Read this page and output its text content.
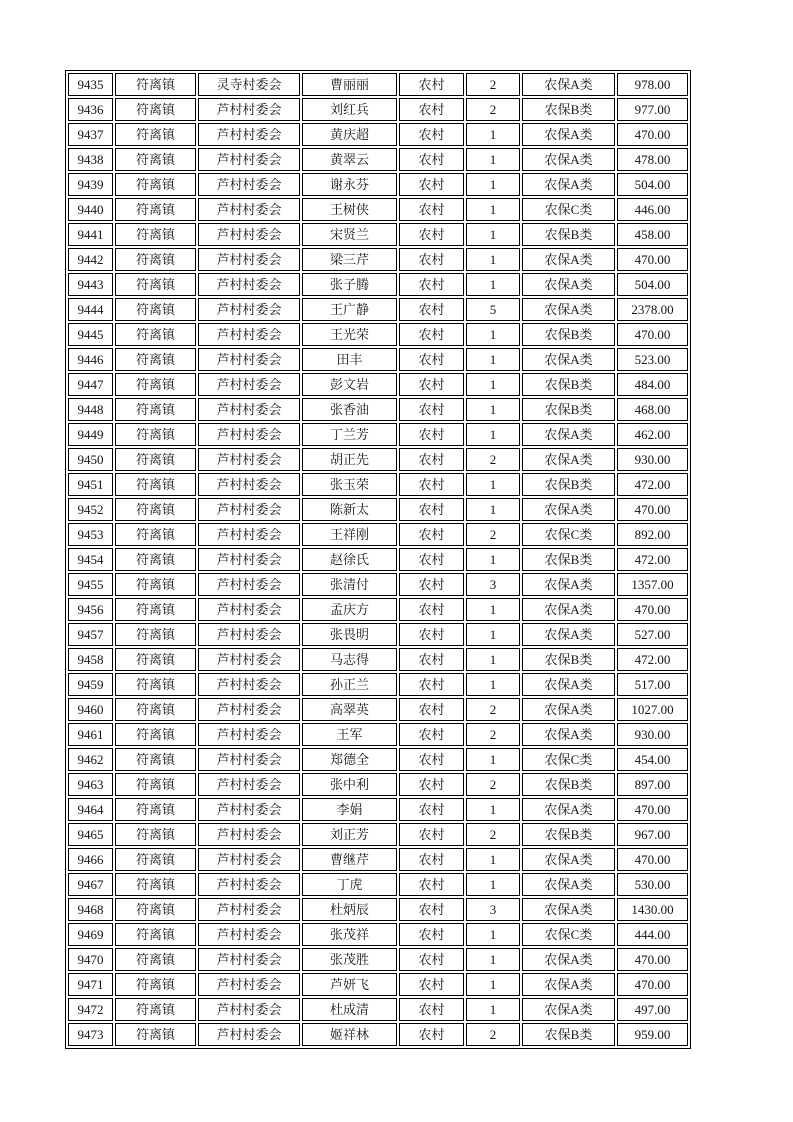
9435	符离镇	灵寺村委会	曹丽丽	农村	2	农保A类	978.00
9436	符离镇	芦村村委会	刘红兵	农村	2	农保B类	977.00
9437	符离镇	芦村村委会	黄庆超	农村	1	农保A类	470.00
9438	符离镇	芦村村委会	黄翠云	农村	1	农保A类	478.00
9439	符离镇	芦村村委会	谢永芬	农村	1	农保A类	504.00
9440	符离镇	芦村村委会	王树侠	农村	1	农保C类	446.00
9441	符离镇	芦村村委会	宋贤兰	农村	1	农保B类	458.00
9442	符离镇	芦村村委会	梁三芹	农村	1	农保A类	470.00
9443	符离镇	芦村村委会	张子腾	农村	1	农保A类	504.00
9444	符离镇	芦村村委会	王广静	农村	5	农保A类	2378.00
9445	符离镇	芦村村委会	王光荣	农村	1	农保B类	470.00
9446	符离镇	芦村村委会	田丰	农村	1	农保A类	523.00
9447	符离镇	芦村村委会	彭文岩	农村	1	农保B类	484.00
9448	符离镇	芦村村委会	张香油	农村	1	农保B类	468.00
9449	符离镇	芦村村委会	丁兰芳	农村	1	农保A类	462.00
9450	符离镇	芦村村委会	胡正先	农村	2	农保A类	930.00
9451	符离镇	芦村村委会	张玉荣	农村	1	农保B类	472.00
9452	符离镇	芦村村委会	陈新太	农村	1	农保A类	470.00
9453	符离镇	芦村村委会	王祥刚	农村	2	农保C类	892.00
9454	符离镇	芦村村委会	赵徐氏	农村	1	农保B类	472.00
9455	符离镇	芦村村委会	张清付	农村	3	农保A类	1357.00
9456	符离镇	芦村村委会	孟庆方	农村	1	农保A类	470.00
9457	符离镇	芦村村委会	张畏明	农村	1	农保A类	527.00
9458	符离镇	芦村村委会	马志得	农村	1	农保B类	472.00
9459	符离镇	芦村村委会	孙正兰	农村	1	农保A类	517.00
9460	符离镇	芦村村委会	高翠英	农村	2	农保A类	1027.00
9461	符离镇	芦村村委会	王军	农村	2	农保A类	930.00
9462	符离镇	芦村村委会	郑德全	农村	1	农保C类	454.00
9463	符离镇	芦村村委会	张中利	农村	2	农保B类	897.00
9464	符离镇	芦村村委会	李娟	农村	1	农保A类	470.00
9465	符离镇	芦村村委会	刘正芳	农村	2	农保B类	967.00
9466	符离镇	芦村村委会	曹继芹	农村	1	农保A类	470.00
9467	符离镇	芦村村委会	丁虎	农村	1	农保A类	530.00
9468	符离镇	芦村村委会	杜炳辰	农村	3	农保A类	1430.00
9469	符离镇	芦村村委会	张茂祥	农村	1	农保C类	444.00
9470	符离镇	芦村村委会	张茂胜	农村	1	农保A类	470.00
9471	符离镇	芦村村委会	芦妍飞	农村	1	农保A类	470.00
9472	符离镇	芦村村委会	杜成清	农村	1	农保A类	497.00
9473	符离镇	芦村村委会	姬祥林	农村	2	农保B类	959.00
